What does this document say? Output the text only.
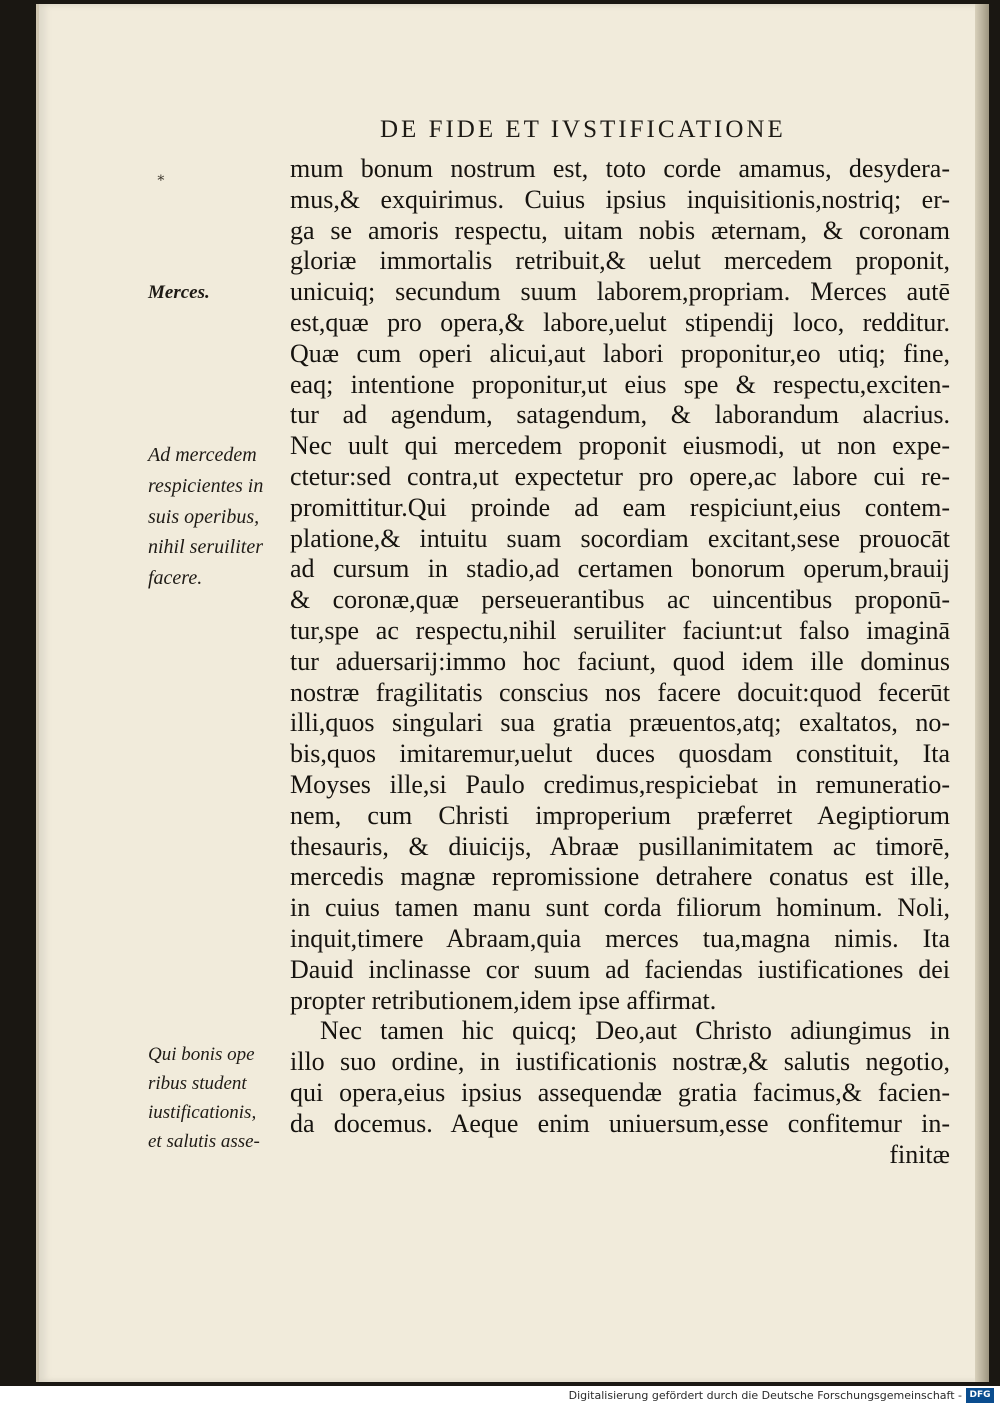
DE FIDE ET IVSTIFICATIONE
∗	mum bonum nostrum est, toto corde amamus, desydera-
mus,& exquirimus. Cuius ipsius inquisitionis,nostriq; er-
ga se amoris respectu, uitam nobis æternam, & coronam
gloriæ immortalis retribuit,& uelut mercedem proponit,
unicuiq; secundum suum laborem,propriam. Merces autē
est,quæ pro opera,& labore,uelut stipendij loco, redditur.
Quæ cum operi alicui,aut labori proponitur,eo utiq; fine,
eaq; intentione proponitur,ut eius spe & respectu,exciten-
tur ad agendum, satagendum, & laborandum alacrius.
Nec uult qui mercedem proponit eiusmodi, ut non expe-
ctetur:sed contra,ut expectetur pro opere,ac labore cui re-
promittitur.Qui proinde ad eam respiciunt,eius contem-
platione,& intuitu suam socordiam excitant,sese prouocāt
ad cursum in stadio,ad certamen bonorum operum,brauij
& coronæ,quæ perseuerantibus ac uincentibus proponū-
tur,spe ac respectu,nihil seruiliter faciunt:ut falso imaginā
tur aduersarij:immo hoc faciunt, quod idem ille dominus
nostræ fragilitatis conscius nos facere docuit:quod fecerūt
illi,quos singulari sua gratia præuentos,atq; exaltatos, no-
bis,quos imitaremur,uelut duces quosdam constituit, Ita
Moyses ille,si Paulo credimus,respiciebat in remuneratio-
nem, cum Christi improperium præferret Aegiptiorum
thesauris, & diuicijs, Abraæ pusillanimitatem ac timorē,
mercedis magnæ repromissione detrahere conatus est ille,
in cuius tamen manu sunt corda filiorum hominum. Noli,
inquit,timere Abraam,quia merces tua,magna nimis. Ita
Dauid inclinasse cor suum ad faciendas iustificationes dei
propter retributionem,idem ipse affirmat.
Nec tamen hic quicq; Deo,aut Christo adiungimus in
illo suo ordine, in iustificationis nostræ,& salutis negotio,
qui opera,eius ipsius assequendæ gratia facimus,& facien-
da docemus. Aeque enim uniuersum,esse confitemur in-
finitæ
Merces.
Ad mercedem
respicientes in
suis operibus,
nihil seruiliter
facere.
Qui bonis ope
ribus student
iustificationis,
et salutis asse-
Digitalisierung gefördert durch die Deutsche Forschungsgemeinschaft - DFG
